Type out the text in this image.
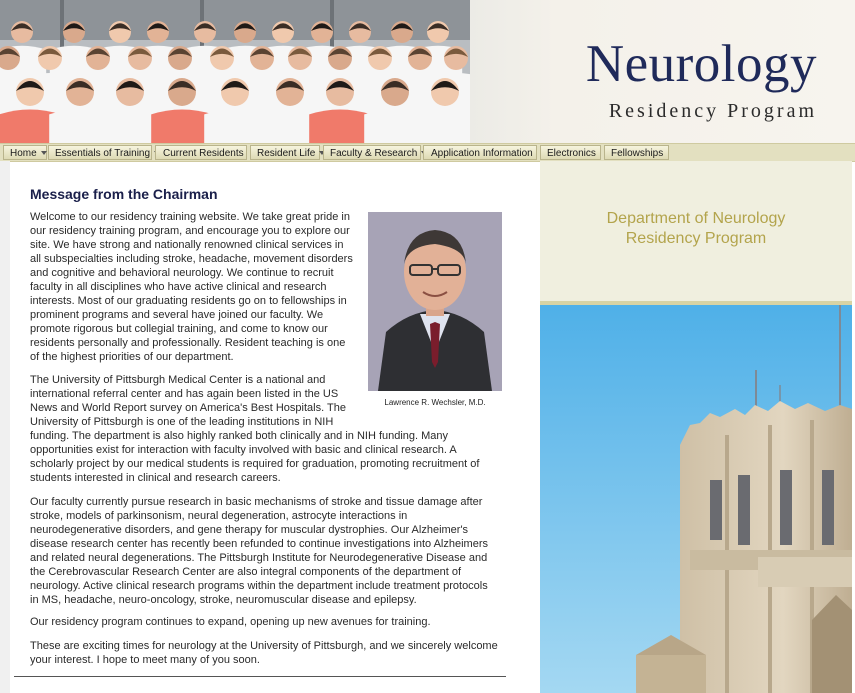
Neurology
Residency Program
Home	Essentials of Training	Current Residents	Resident Life	Faculty & Research	Application Information	Electronics	Fellowships
Message from the Chairman
Welcome to our residency training website. We take great pride in our residency training program, and encourage you to explore our site. We have strong and nationally renowned clinical services in all subspecialties including stroke, headache, movement disorders and cognitive and behavioral neurology. We continue to recruit faculty in all disciplines who have active clinical and research interests. Most of our graduating residents go on to fellowships in prominent programs and several have joined our faculty. We promote rigorous but collegial training, and come to know our residents personally and professionally. Resident teaching is one of the highest priorities of our department.
Lawrence R. Wechsler, M.D.
The University of Pittsburgh Medical Center is a national and international referral center and has again been listed in the US News and World Report survey on America's Best Hospitals. The University of Pittsburgh is one of the leading institutions in NIH
funding. The department is also highly ranked both clinically and in NIH funding. Many opportunities exist for interaction with faculty involved with basic and clinical research. A scholarly project by our medical students is required for graduation, promoting recruitment of students interested in clinical and research careers.
Our faculty currently pursue research in basic mechanisms of stroke and tissue damage after stroke, models of parkinsonism, neural degeneration, astrocyte interactions in neurodegenerative disorders, and gene therapy for muscular dystrophies. Our Alzheimer's disease research center has recently been refunded to continue investigations into Alzheimers and related neural degenerations. The Pittsburgh Institute for Neurodegenerative Disease and the Cerebrovascular Research Center are also integral components of the department of neurology. Active clinical research programs within the department include treatment protocols in MS, headache, neuro-oncology, stroke, neuromuscular disease and epilepsy.
Our residency program continues to expand, opening up new avenues for training.
These are exciting times for neurology at the University of Pittsburgh, and we sincerely welcome your interest. I hope to meet many of you soon.
Department of Neurology
Residency Program
